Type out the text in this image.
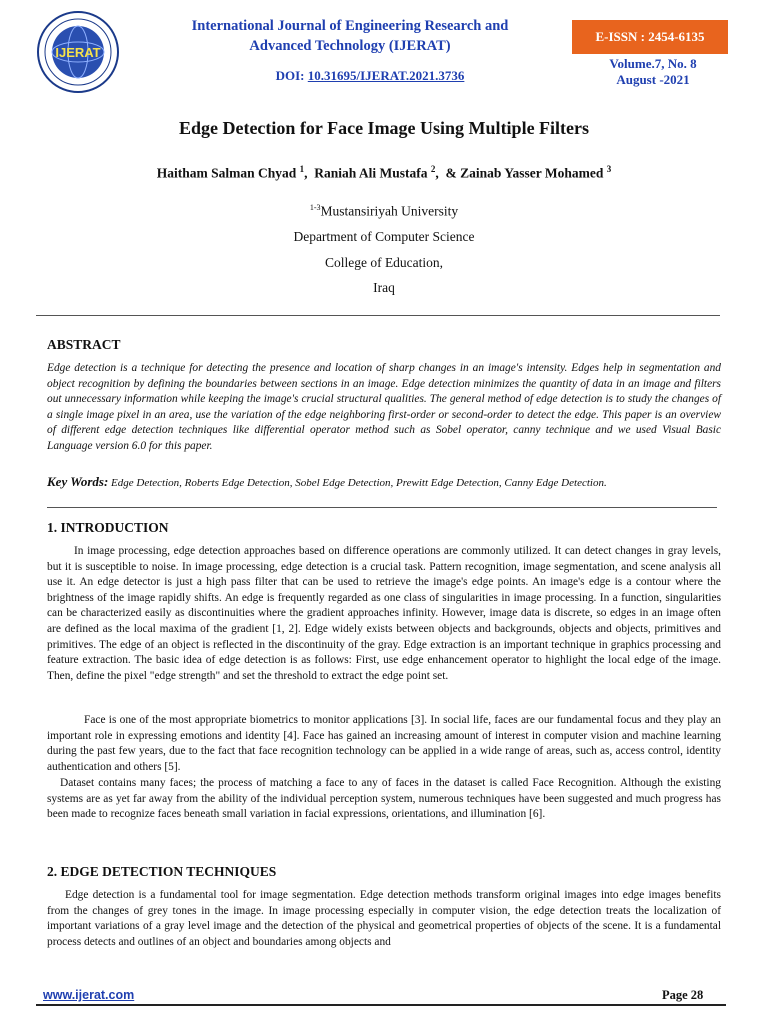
IJERAT
International Journal of Engineering Research and
Advanced Technology (IJERAT)
DOI: 10.31695/IJERAT.2021.3736
E-ISSN : 2454-6135
Volume.7, No. 8
August -2021
Edge Detection for Face Image Using Multiple Filters
Haitham Salman Chyad $^1$,  Raniah Ali Mustafa $^2$,  & Zainab Yasser Mohamed $^3$
$^{1-3}$Mustansiriyah University
Department of Computer Science
College of Education,
Iraq
ABSTRACT

Edge detection is a technique for detecting the presence and location of sharp changes in an image's intensity. Edges help in segmentation and object recognition by defining the boundaries between sections in an image. Edge detection minimizes the quantity of data in an image and filters out unnecessary information while keeping the image's crucial structural qualities. The general method of edge detection is to study the changes of a single image pixel in an area, use the variation of the edge neighboring first-order or second-order to detect the edge. This paper is an overview of different edge detection techniques like differential operator method such as Sobel operator, canny technique and we used Visual Basic Language version 6.0 for this paper.

Key Words: Edge Detection, Roberts Edge Detection, Sobel Edge Detection, Prewitt Edge Detection, Canny Edge Detection.
1. INTRODUCTION

In image processing, edge detection approaches based on difference operations are commonly utilized. It can detect changes in gray levels, but it is susceptible to noise. In image processing, edge detection is a crucial task. Pattern recognition, image segmentation, and scene analysis all use it. An edge detector is just a high pass filter that can be used to retrieve the image's edge points. An image's edge is a contour where the brightness of the image rapidly shifts. An edge is frequently regarded as one class of singularities in image processing. In a function, singularities can be characterized easily as discontinuities where the gradient approaches infinity. However, image data is discrete, so edges in an image often are defined as the local maxima of the gradient [1, 2]. Edge widely exists between objects and backgrounds, objects and objects, primitives and primitives. The edge of an object is reflected in the discontinuity of the gray. Edge extraction is an important technique in graphics processing and feature extraction. The basic idea of edge detection is as follows: First, use edge enhancement operator to highlight the local edge of the image. Then, define the pixel "edge strength" and set the threshold to extract the edge point set.

Face is one of the most appropriate biometrics to monitor applications [3]. In social life, faces are our fundamental focus and they play an important role in expressing emotions and identity [4]. Face has gained an increasing amount of interest in computer vision and machine learning during the past few years, due to the fact that face recognition technology can be applied in a wide range of areas, such as, access control, identity authentication and others [5].

Dataset contains many faces; the process of matching a face to any of faces in the dataset is called Face Recognition. Although the existing systems are as yet far away from the ability of the individual perception system, numerous techniques have been suggested and much progress has been made to recognize faces beneath small variation in facial expressions, orientations, and illumination [6].

2. EDGE DETECTION TECHNIQUES

Edge detection is a fundamental tool for image segmentation. Edge detection methods transform original images into edge images benefits from the changes of grey tones in the image. In image processing especially in computer vision, the edge detection treats the localization of important variations of a gray level image and the detection of the physical and geometrical properties of objects of the scene. It is a fundamental process detects and outlines of an object and boundaries among objects and

www.ijerat.com	Page 28
